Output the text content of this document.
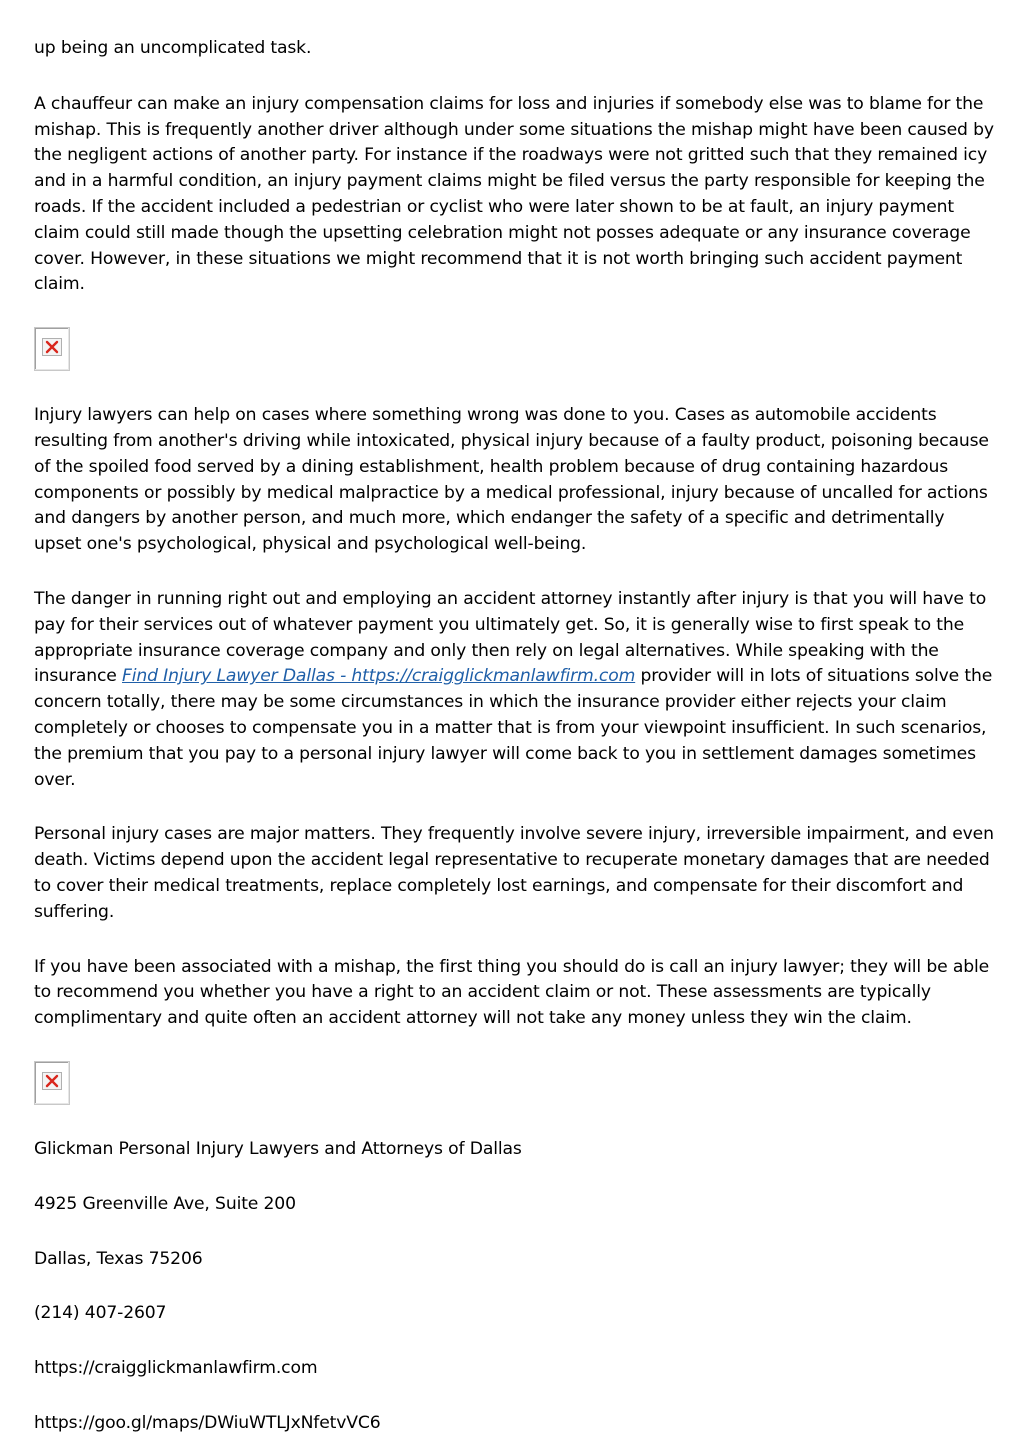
up being an uncomplicated task.

A chauffeur can make an injury compensation claims for loss and injuries if somebody else was to blame for the mishap. This is frequently another driver although under some situations the mishap might have been caused by the negligent actions of another party. For instance if the roadways were not gritted such that they remained icy and in a harmful condition, an injury payment claims might be filed versus the party responsible for keeping the roads. If the accident included a pedestrian or cyclist who were later shown to be at fault, an injury payment claim could still made though the upsetting celebration might not posses adequate or any insurance coverage cover. However, in these situations we might recommend that it is not worth bringing such accident payment claim.

Injury lawyers can help on cases where something wrong was done to you. Cases as automobile accidents resulting from another's driving while intoxicated, physical injury because of a faulty product, poisoning because of the spoiled food served by a dining establishment, health problem because of drug containing hazardous components or possibly by medical malpractice by a medical professional, injury because of uncalled for actions and dangers by another person, and much more, which endanger the safety of a specific and detrimentally upset one's psychological, physical and psychological well-being.

The danger in running right out and employing an accident attorney instantly after injury is that you will have to pay for their services out of whatever payment you ultimately get. So, it is generally wise to first speak to the appropriate insurance coverage company and only then rely on legal alternatives. While speaking with the insurance Find Injury Lawyer Dallas - https://craigglickmanlawfirm.com provider will in lots of situations solve the concern totally, there may be some circumstances in which the insurance provider either rejects your claim completely or chooses to compensate you in a matter that is from your viewpoint insufficient. In such scenarios, the premium that you pay to a personal injury lawyer will come back to you in settlement damages sometimes over.

Personal injury cases are major matters. They frequently involve severe injury, irreversible impairment, and even death. Victims depend upon the accident legal representative to recuperate monetary damages that are needed to cover their medical treatments, replace completely lost earnings, and compensate for their discomfort and suffering.

If you have been associated with a mishap, the first thing you should do is call an injury lawyer; they will be able to recommend you whether you have a right to an accident claim or not. These assessments are typically complimentary and quite often an accident attorney will not take any money unless they win the claim.

Glickman Personal Injury Lawyers and Attorneys of Dallas

4925 Greenville Ave, Suite 200

Dallas, Texas 75206

(214) 407-2607

https://craigglickmanlawfirm.com

https://goo.gl/maps/DWiuWTLJxNfetvVC6
